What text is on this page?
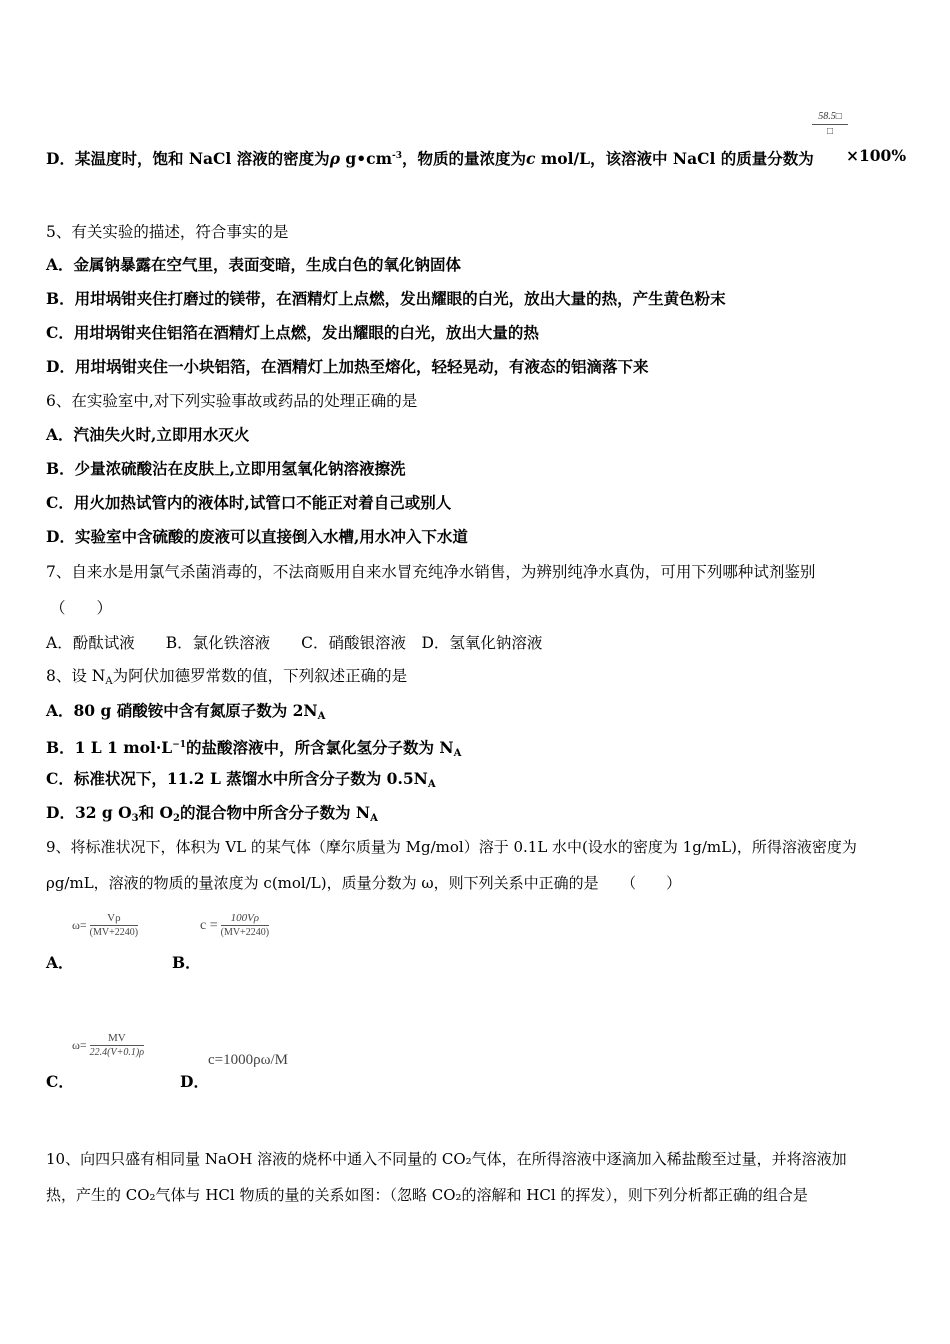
58.5□
□
D．某温度时，饱和 NaCl 溶液的密度为ρ $g•cm^{-3}$，物质的量浓度为c mol/L，该溶液中 NaCl 的质量分数为	×100%
5、有关实验的描述，符合事实的是
A．金属钠暴露在空气里，表面变暗，生成白色的氧化钠固体
B．用坩埚钳夹住打磨过的镁带，在酒精灯上点燃，发出耀眼的白光，放出大量的热，产生黄色粉末
C．用坩埚钳夹住铝箔在酒精灯上点燃，发出耀眼的白光，放出大量的热
D．用坩埚钳夹住一小块铝箔，在酒精灯上加热至熔化，轻轻晃动，有液态的铝滴落下来
6、在实验室中,对下列实验事故或药品的处理正确的是
A．汽油失火时,立即用水灭火
B．少量浓硫酸沾在皮肤上,立即用氢氧化钠溶液擦洗
C．用火加热试管内的液体时,试管口不能正对着自己或别人
D．实验室中含硫酸的废液可以直接倒入水槽,用水冲入下水道
7、自来水是用氯气杀菌消毒的，不法商贩用自来水冒充纯净水销售，为辨别纯净水真伪，可用下列哪种试剂鉴别
（　　）
A．酚酞试液　　B．氯化铁溶液　　C．硝酸银溶液　D．氢氧化钠溶液
8、设 $N_A$为阿伏加德罗常数的值，下列叙述正确的是
A．80 g 硝酸铵中含有氮原子数为 $2N_A$
B．1 L 1 $mol\cdot L^{-1}$的盐酸溶液中，所含氯化氢分子数为 $N_A$
C．标准状况下，11.2 L 蒸馏水中所含分子数为 $0.5N_A$
D．32 g $O_3$和 $O_2$的混合物中所含分子数为 $N_A$
9、将标准状况下，体积为 VL 的某气体（摩尔质量为 Mg/mol）溶于 0.1L 水中(设水的密度为 1g/mL)，所得溶液密度为
ρg/mL，溶液的物质的量浓度为 c(mol/L)，质量分数为 ω，则下列关系中正确的是　　（　　）
$\omega= \frac{V\rho}{(MV+2240)}$	$c = \frac{100V\rho}{(MV+2240)}$
A．	B．
$\omega= \frac{MV}{22.4(V+0.1)\rho}$
c=1000ρω/M
C．	D．
10、向四只盛有相同量 NaOH 溶液的烧杯中通入不同量的 CO₂气体，在所得溶液中逐滴加入稀盐酸至过量，并将溶液加
热，产生的 CO₂气体与 HCl 物质的量的关系如图：（忽略 CO₂的溶解和 HCl 的挥发），则下列分析都正确的组合是
